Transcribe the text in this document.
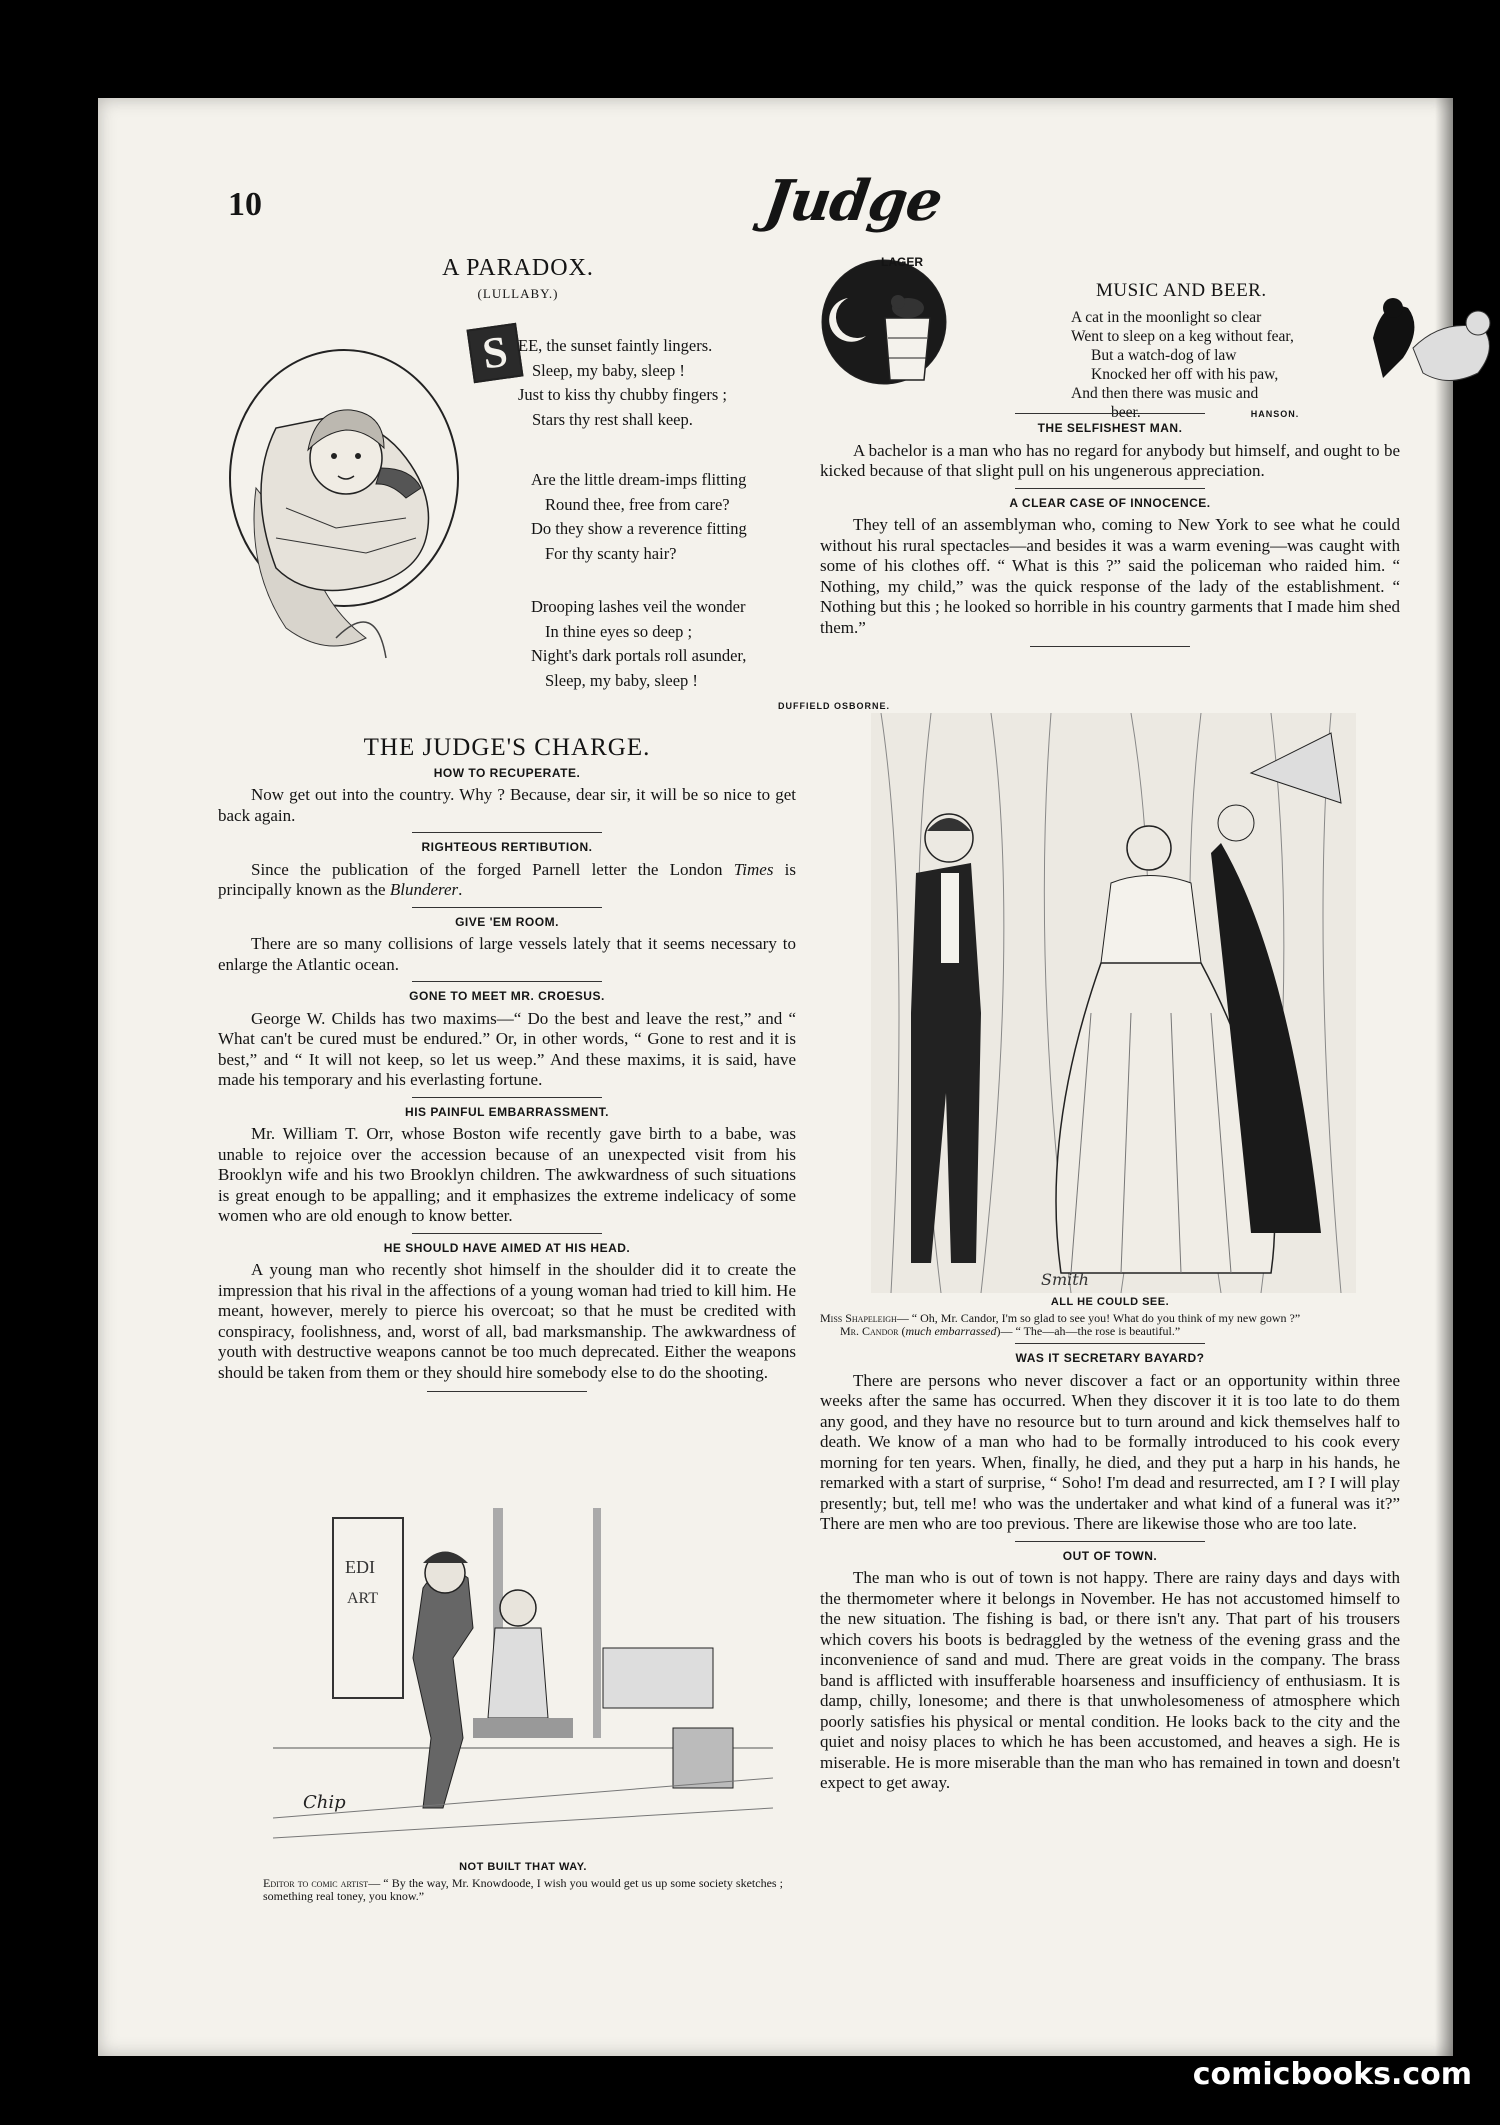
10	Judge
A PARADOX.
(LULLABY.)
S EE, the sunset faintly lingers.
Sleep, my baby, sleep !
Just to kiss thy chubby fingers ;
Stars thy rest shall keep.
Are the little dream-imps flitting
Round thee, free from care?
Do they show a reverence fitting
For thy scanty hair?
Drooping lashes veil the wonder
In thine eyes so deep ;
Night's dark portals roll asunder,
Sleep, my baby, sleep !
DUFFIELD OSBORNE.
THE JUDGE'S CHARGE.
HOW TO RECUPERATE.

Now get out into the country. Why ? Because, dear sir, it will be so nice to get back again.

RIGHTEOUS RERTIBUTION.

Since the publication of the forged Parnell letter the London Times is principally known as the Blunderer.

GIVE 'EM ROOM.

There are so many collisions of large vessels lately that it seems necessary to enlarge the Atlantic ocean.

GONE TO MEET MR. CROESUS.

George W. Childs has two maxims—“ Do the best and leave the rest,” and “ What can't be cured must be endured.” Or, in other words, “ Gone to rest and it is best,” and “ It will not keep, so let us weep.” And these maxims, it is said, have made his temporary and his everlasting fortune.

HIS PAINFUL EMBARRASSMENT.

Mr. William T. Orr, whose Boston wife recently gave birth to a babe, was unable to rejoice over the accession because of an unexpected visit from his Brooklyn wife and his two Brooklyn children. The awkwardness of such situations is great enough to be appalling; and it emphasizes the extreme indelicacy of some women who are old enough to know better.

HE SHOULD HAVE AIMED AT HIS HEAD.

A young man who recently shot himself in the shoulder did it to create the impression that his rival in the affections of a young woman had tried to kill him. He meant, however, merely to pierce his overcoat; so that he must be credited with conspiracy, foolishness, and, worst of all, bad marksmanship. The awkwardness of youth with destructive weapons cannot be too much deprecated. Either the weapons should be taken from them or they should hire somebody else to do the shooting.

EDI
ART
Chip
NOT BUILT THAT WAY.
Editor to comic artist— “ By the way, Mr. Knowdoode, I wish you would get us up some society sketches ; something real toney, you know.”
LAGER
MUSIC AND BEER.
A cat in the moonlight so clear
Went to sleep on a keg without fear,
But a watch-dog of law
Knocked her off with his paw,
And then there was music and
beer.	HANSON.
THE SELFISHEST MAN.

A bachelor is a man who has no regard for anybody but himself, and ought to be kicked because of that slight pull on his ungenerous appreciation.

A CLEAR CASE OF INNOCENCE.

They tell of an assemblyman who, coming to New York to see what he could without his rural spectacles—and besides it was a warm evening—was caught with some of his clothes off. “ What is this ?” said the policeman who raided him. “ Nothing, my child,” was the quick response of the lady of the establishment. “ Nothing but this ; he looked so horrible in his country garments that I made him shed them.”

Smith
ALL HE COULD SEE.
Miss Shapeleigh— “ Oh, Mr. Candor, I'm so glad to see you! What do you think of my new gown ?”
Mr. Candor (much embarrassed)— “ The—ah—the rose is beautiful.”
WAS IT SECRETARY BAYARD?

There are persons who never discover a fact or an opportunity within three weeks after the same has occurred. When they discover it it is too late to do them any good, and they have no resource but to turn around and kick themselves half to death. We know of a man who had to be formally introduced to his cook every morning for ten years. When, finally, he died, and they put a harp in his hands, he remarked with a start of surprise, “ Soho! I'm dead and resurrected, am I ? I will play presently; but, tell me! who was the undertaker and what kind of a funeral was it?” There are men who are too previous. There are likewise those who are too late.

OUT OF TOWN.

The man who is out of town is not happy. There are rainy days and days with the thermometer where it belongs in November. He has not accustomed himself to the new situation. The fishing is bad, or there isn't any. That part of his trousers which covers his boots is bedraggled by the wetness of the evening grass and the inconvenience of sand and mud. There are great voids in the company. The brass band is afflicted with insufferable hoarseness and insufficiency of enthusiasm. It is damp, chilly, lonesome; and there is that unwholesomeness of atmosphere which poorly satisfies his physical or mental condition. He looks back to the city and the quiet and noisy places to which he has been accustomed, and heaves a sigh. He is miserable. He is more miserable than the man who has remained in town and doesn't expect to get away.

comicbooks.com
